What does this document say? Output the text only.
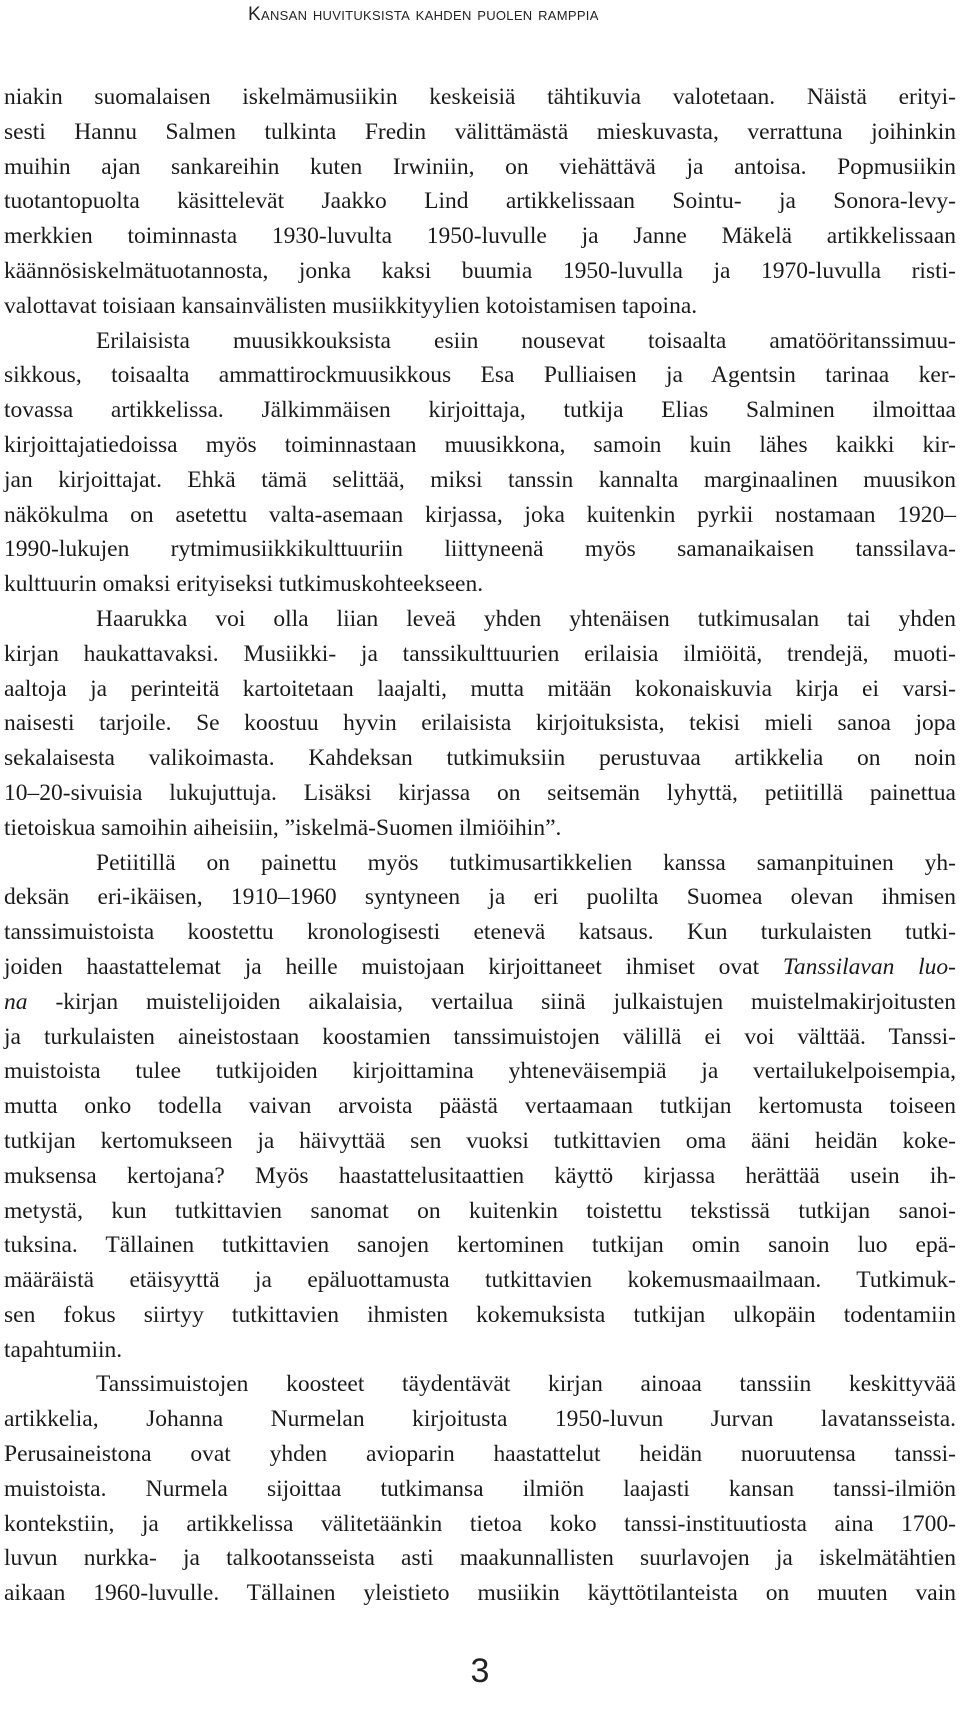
Kansan huvituksista kahden puolen ramppia
niakin suomalaisen iskelmämusiikin keskeisiä tähtikuvia valotetaan. Näistä erityi-
sesti Hannu Salmen tulkinta Fredin välittämästä mieskuvasta, verrattuna joihinkin
muihin ajan sankareihin kuten Irwiniin, on viehättävä ja antoisa. Popmusiikin
tuotantopuolta käsittelevät Jaakko Lind artikkelissaan Sointu- ja Sonora-levy-
merkkien toiminnasta 1930-luvulta 1950-luvulle ja Janne Mäkelä artikkelissaan
käännösiskelmätuotannosta, jonka kaksi buumia 1950-luvulla ja 1970-luvulla risti-
valottavat toisiaan kansainvälisten musiikkityylien kotoistamisen tapoina.
Erilaisista muusikkouksista esiin nousevat toisaalta amatööritanssimuu-
sikkous, toisaalta ammattirockmuusikkous Esa Pulliaisen ja Agentsin tarinaa ker-
tovassa artikkelissa. Jälkimmäisen kirjoittaja, tutkija Elias Salminen ilmoittaa
kirjoittajatiedoissa myös toiminnastaan muusikkona, samoin kuin lähes kaikki kir-
jan kirjoittajat. Ehkä tämä selittää, miksi tanssin kannalta marginaalinen muusikon
näkökulma on asetettu valta-asemaan kirjassa, joka kuitenkin pyrkii nostamaan 1920–
1990-lukujen rytmimusiikkikulttuuriin liittyneenä myös samanaikaisen tanssilava-
kulttuurin omaksi erityiseksi tutkimuskohteekseen.
Haarukka voi olla liian leveä yhden yhtenäisen tutkimusalan tai yhden
kirjan haukattavaksi. Musiikki- ja tanssikulttuurien erilaisia ilmiöitä, trendejä, muoti-
aaltoja ja perinteitä kartoitetaan laajalti, mutta mitään kokonaiskuvia kirja ei varsi-
naisesti tarjoile. Se koostuu hyvin erilaisista kirjoituksista, tekisi mieli sanoa jopa
sekalaisesta valikoimasta. Kahdeksan tutkimuksiin perustuvaa artikkelia on noin
10–20-sivuisia lukujuttuja. Lisäksi kirjassa on seitsemän lyhyttä, petiitillä painettua
tietoiskua samoihin aiheisiin, ”iskelmä-Suomen ilmiöihin”.
Petiitillä on painettu myös tutkimusartikkelien kanssa samanpituinen yh-
deksän eri-ikäisen, 1910–1960 syntyneen ja eri puolilta Suomea olevan ihmisen
tanssimuistoista koostettu kronologisesti etenevä katsaus. Kun turkulaisten tutki-
joiden haastattelemat ja heille muistojaan kirjoittaneet ihmiset ovat Tanssilavan luo-
na -kirjan muistelijoiden aikalaisia, vertailua siinä julkaistujen muistelmakirjoitusten
ja turkulaisten aineistostaan koostamien tanssimuistojen välillä ei voi välttää. Tanssi-
muistoista tulee tutkijoiden kirjoittamina yhteneväisempiä ja vertailukelpoisempia,
mutta onko todella vaivan arvoista päästä vertaamaan tutkijan kertomusta toiseen
tutkijan kertomukseen ja häivyttää sen vuoksi tutkittavien oma ääni heidän koke-
muksensa kertojana? Myös haastattelusitaattien käyttö kirjassa herättää usein ih-
metystä, kun tutkittavien sanomat on kuitenkin toistettu tekstissä tutkijan sanoi-
tuksina. Tällainen tutkittavien sanojen kertominen tutkijan omin sanoin luo epä-
määräistä etäisyyttä ja epäluottamusta tutkittavien kokemusmaailmaan. Tutkimuk-
sen fokus siirtyy tutkittavien ihmisten kokemuksista tutkijan ulkopäin todentamiin
tapahtumiin.
Tanssimuistojen koosteet täydentävät kirjan ainoaa tanssiin keskittyvää
artikkelia, Johanna Nurmelan kirjoitusta 1950-luvun Jurvan lavatansseista.
Perusaineistona ovat yhden avioparin haastattelut heidän nuoruutensa tanssi-
muistoista. Nurmela sijoittaa tutkimansa ilmiön laajasti kansan tanssi-ilmiön
kontekstiin, ja artikkelissa välitetäänkin tietoa koko tanssi-instituutiosta aina 1700-
luvun nurkka- ja talkootansseista asti maakunnallisten suurlavojen ja iskelmätähtien
aikaan 1960-luvulle. Tällainen yleistieto musiikin käyttötilanteista on muuten vain
3
